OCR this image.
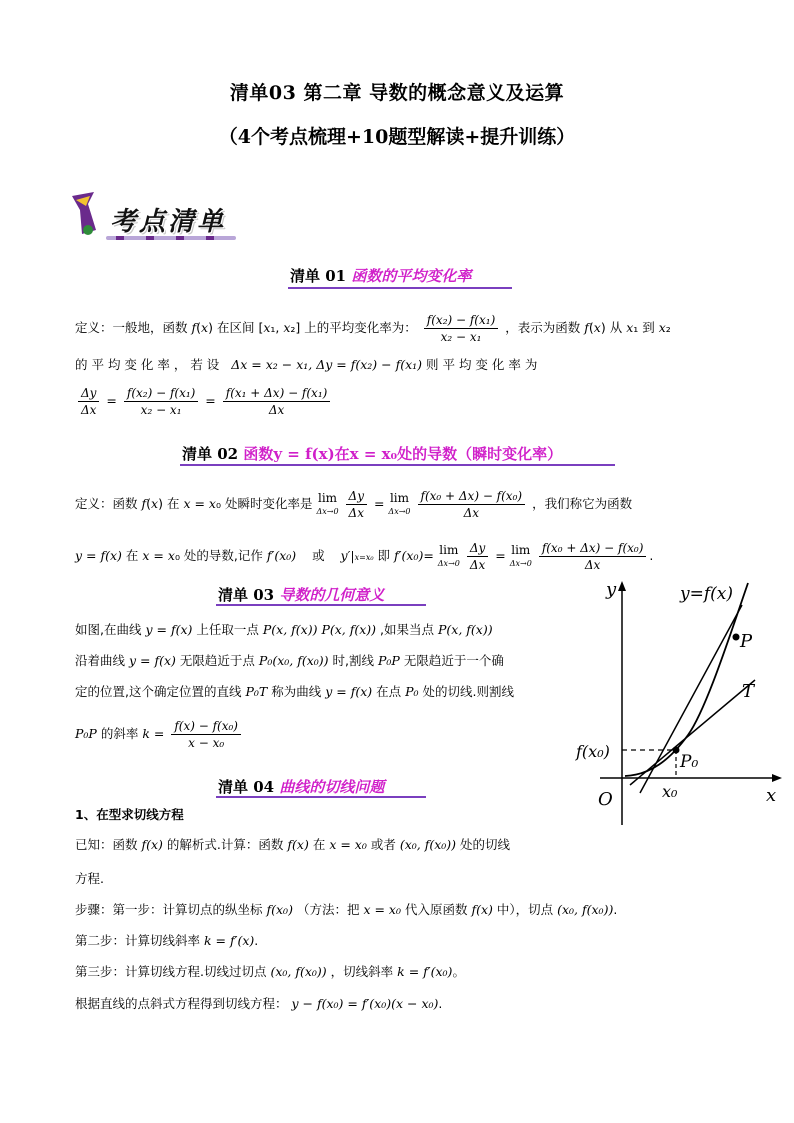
清单03 第二章 导数的概念意义及运算
（4个考点梳理+10题型解读+提升训练）
考点清单
清单 01 函数的平均变化率
定义：一般地，函数 f(x) 在区间 [x₁, x₂] 上的平均变化率为： $\frac{\text{f(x₂) − f(x₁)}}{\text{x₂ − x₁}}$ ，表示为函数 f(x) 从 x₁ 到 x₂
的 平 均 变 化 率 ， 若 设 Δx = x₂ − x₁, Δy = f(x₂) − f(x₁) 则 平 均 变 化 率 为
$\frac{\Delta y}{\Delta x} = \frac{\text{f(x₂) − f(x₁)}}{\text{x₂ − x₁}} = \frac{\text{f(x₁ + Δx) − f(x₁)}}{\Delta x}$
清单 02 函数y = f(x)在x = x₀处的导数（瞬时变化率）
定义：函数 f(x) 在 x = x₀ 处瞬时变化率是 lim
Δx→0
$\frac{\Delta y}{\Delta x} = \lim$
Δx→0
$\frac{\text{f(x₀ + Δx) − f(x₀)}}{\Delta x}$ ，我们称它为函数
y = f(x) 在 x = x₀ 处的导数,记作 f′(x₀) 或 y′|x=x₀ 即 f′(x₀)= lim
Δx→0
$\frac{\Delta y}{\Delta x} = \lim$
Δx→0
$\frac{\text{f(x₀ + Δx) − f(x₀)}}{\Delta x}$ .
清单 03 导数的几何意义
如图,在曲线 y = f(x) 上任取一点 P(x, f(x)) P(x, f(x)) ,如果当点 P(x, f(x))
沿着曲线 y = f(x) 无限趋近于点 P₀(x₀, f(x₀)) 时,割线 P₀P 无限趋近于一个确
定的位置,这个确定位置的直线 P₀T 称为曲线 y = f(x) 在点 P₀ 处的切线.则割线
P₀P 的斜率 $k = \frac{\text{f(x) − f(x₀)}}{\text{x − x₀}}$
y
x
O
y=f(x)
P
T
P₀
f(x₀)
x₀
清单 04 曲线的切线问题
1、在型求切线方程
已知：函数 f(x) 的解析式.计算：函数 f(x) 在 x = x₀ 或者 (x₀, f(x₀)) 处的切线
方程.
步骤：第一步：计算切点的纵坐标 f(x₀) （方法：把 x = x₀ 代入原函数 f(x) 中），切点 (x₀, f(x₀)).
第二步：计算切线斜率 k = f′(x).
第三步：计算切线方程.切线过切点 (x₀, f(x₀)) ，切线斜率 k = f′(x₀)。
根据直线的点斜式方程得到切线方程： y − f(x₀) = f′(x₀)(x − x₀).
